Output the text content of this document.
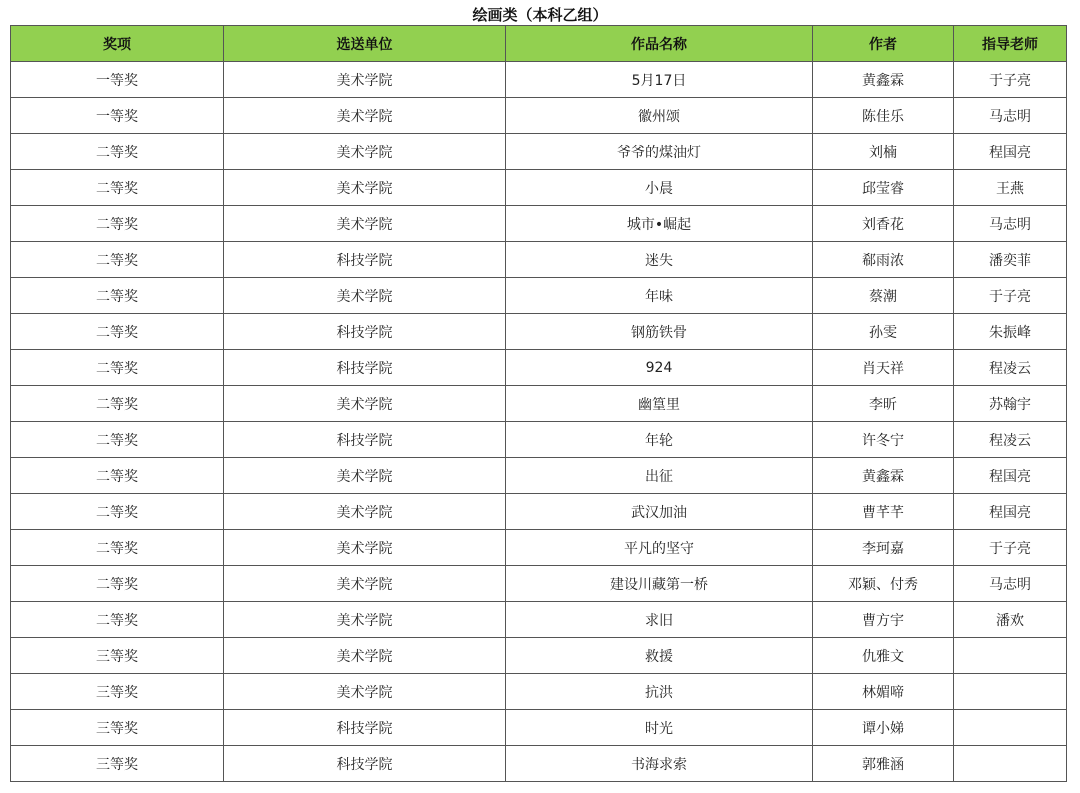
绘画类（本科乙组）
奖项	选送单位	作品名称	作者	指导老师
一等奖	美术学院	5月17日	黄鑫霖	于子亮
一等奖	美术学院	徽州颂	陈佳乐	马志明
二等奖	美术学院	爷爷的煤油灯	刘楠	程国亮
二等奖	美术学院	小晨	邱莹睿	王燕
二等奖	美术学院	城市•崛起	刘香花	马志明
二等奖	科技学院	迷失	郗雨浓	潘奕菲
二等奖	美术学院	年味	蔡潮	于子亮
二等奖	科技学院	钢筋铁骨	孙雯	朱振峰
二等奖	科技学院	924	肖天祥	程凌云
二等奖	美术学院	幽篁里	李昕	苏翰宇
二等奖	科技学院	年轮	许冬宁	程凌云
二等奖	美术学院	出征	黄鑫霖	程国亮
二等奖	美术学院	武汉加油	曹芊芊	程国亮
二等奖	美术学院	平凡的坚守	李珂嘉	于子亮
二等奖	美术学院	建设川藏第一桥	邓颖、付秀	马志明
二等奖	美术学院	求旧	曹方宇	潘欢
三等奖	美术学院	救援	仇雅文	
三等奖	美术学院	抗洪	林媚啼	
三等奖	科技学院	时光	谭小娣	
三等奖	科技学院	书海求索	郭雅涵	
